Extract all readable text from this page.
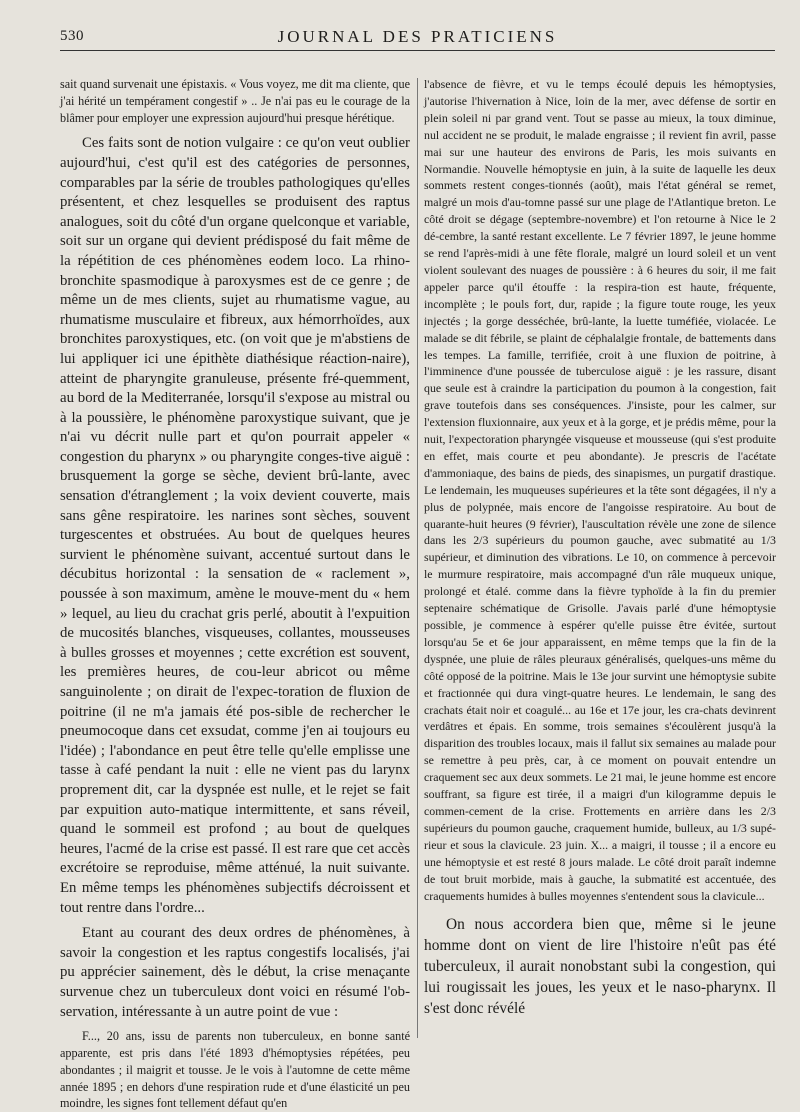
530	JOURNAL DES PRATICIENS

sait quand survenait une épistaxis. « Vous voyez, me dit ma cliente, que j'ai hérité un tempérament congestif » .. Je n'ai pas eu le courage de la blâmer pour employer une expression aujourd'hui presque hérétique.

Ces faits sont de notion vulgaire : ce qu'on veut oublier aujourd'hui, c'est qu'il est des catégories de personnes, comparables par la série de troubles pathologiques qu'elles présentent, et chez lesquelles se produisent des raptus analogues, soit du côté d'un organe quelconque et variable, soit sur un organe qui devient prédisposé du fait même de la répétition de ces phénomènes eodem loco. La rhino-bronchite spasmodique à paroxysmes est de ce genre ; de même un de mes clients, sujet au rhumatisme vague, au rhumatisme musculaire et fibreux, aux hémorrhoïdes, aux bronchites paroxystiques, etc. (on voit que je m'abstiens de lui appliquer ici une épithète diathésique réaction-naire), atteint de pharyngite granuleuse, présente fré-quemment, au bord de la Mediterranée, lorsqu'il s'expose au mistral ou à la poussière, le phénomène paroxystique suivant, que je n'ai vu décrit nulle part et qu'on pourrait appeler « congestion du pharynx » ou pharyngite conges-tive aiguë : brusquement la gorge se sèche, devient brû-lante, avec sensation d'étranglement ; la voix devient couverte, mais sans gêne respiratoire. les narines sont sèches, souvent turgescentes et obstruées. Au bout de quelques heures survient le phénomène suivant, accentué surtout dans le décubitus horizontal : la sensation de « raclement », poussée à son maximum, amène le mouve-ment du « hem » lequel, au lieu du crachat gris perlé, aboutit à l'expuition de mucosités blanches, visqueuses, collantes, mousseuses à bulles grosses et moyennes ; cette excrétion est souvent, les premières heures, de cou-leur abricot ou même sanguinolente ; on dirait de l'expec-toration de fluxion de poitrine (il ne m'a jamais été pos-sible de rechercher le pneumocoque dans cet exsudat, comme j'en ai toujours eu l'idée) ; l'abondance en peut être telle qu'elle emplisse une tasse à café pendant la nuit : elle ne vient pas du larynx proprement dit, car la dyspnée est nulle, et le rejet se fait par expuition auto-matique intermittente, et sans réveil, quand le sommeil est profond ; au bout de quelques heures, l'acmé de la crise est passé. Il est rare que cet accès excrétoire se reproduise, même atténué, la nuit suivante. En même temps les phénomènes subjectifs décroissent et tout rentre dans l'ordre...

Etant au courant des deux ordres de phénomènes, à savoir la congestion et les raptus congestifs localisés, j'ai pu apprécier sainement, dès le début, la crise menaçante survenue chez un tuberculeux dont voici en résumé l'ob-servation, intéressante à un autre point de vue :

F..., 20 ans, issu de parents non tuberculeux, en bonne santé apparente, est pris dans l'été 1893 d'hémoptysies répétées, peu abondantes ; il maigrit et tousse. Je le vois à l'automne de cette même année 1895 ; en dehors d'une respiration rude et d'une élasticité un peu moindre, les signes font tellement défaut qu'en

l'absence de fièvre, et vu le temps écoulé depuis les hémoptysies, j'autorise l'hivernation à Nice, loin de la mer, avec défense de sortir en plein soleil ni par grand vent. Tout se passe au mieux, la toux diminue, nul accident ne se produit, le malade engraisse ; il revient fin avril, passe mai sur une hauteur des environs de Paris, les mois suivants en Normandie. Nouvelle hémoptysie en juin, à la suite de laquelle les deux sommets restent conges-tionnés (août), mais l'état général se remet, malgré un mois d'au-tomne passé sur une plage de l'Atlantique breton. Le côté droit se dégage (septembre-novembre) et l'on retourne à Nice le 2 dé-cembre, la santé restant excellente. Le 7 février 1897, le jeune homme se rend l'après-midi à une fête florale, malgré un lourd soleil et un vent violent soulevant des nuages de poussière : à 6 heures du soir, il me fait appeler parce qu'il étouffe : la respira-tion est haute, fréquente, incomplète ; le pouls fort, dur, rapide ; la figure toute rouge, les yeux injectés ; la gorge desséchée, brû-lante, la luette tuméfiée, violacée. Le malade se dit fébrile, se plaint de céphalalgie frontale, de battements dans les tempes. La famille, terrifiée, croit à une fluxion de poitrine, à l'imminence d'une poussée de tuberculose aiguë : je les rassure, disant que seule est à craindre la participation du poumon à la congestion, fait grave toutefois dans ses conséquences. J'insiste, pour les calmer, sur l'extension fluxionnaire, aux yeux et à la gorge, et je prédis même, pour la nuit, l'expectoration pharyngée visqueuse et mousseuse (qui s'est produite en effet, mais courte et peu abondante). Je prescris de l'acétate d'ammoniaque, des bains de pieds, des sinapismes, un purgatif drastique. Le lendemain, les muqueuses supérieures et la tête sont dégagées, il n'y a plus de polypnée, mais encore de l'angoisse respiratoire. Au bout de quarante-huit heures (9 février), l'auscultation révèle une zone de silence dans les 2/3 supérieurs du poumon gauche, avec submatité au 1/3 supérieur, et diminution des vibrations. Le 10, on commence à percevoir le murmure respiratoire, mais accompagné d'un râle muqueux unique, prolongé et étalé. comme dans la fièvre typhoïde à la fin du premier septenaire schématique de Grisolle. J'avais parlé d'une hémoptysie possible, je commence à espérer qu'elle puisse être évitée, surtout lorsqu'au 5e et 6e jour apparaissent, en même temps que la fin de la dyspnée, une pluie de râles pleuraux généralisés, quelques-uns même du côté opposé de la poitrine. Mais le 13e jour survint une hémoptysie subite et fractionnée qui dura vingt-quatre heures. Le lendemain, le sang des crachats était noir et coagulé... au 16e et 17e jour, les cra-chats devinrent verdâtres et épais. En somme, trois semaines s'écoulèrent jusqu'à la disparition des troubles locaux, mais il fallut six semaines au malade pour se remettre à peu près, car, à ce moment on pouvait entendre un craquement sec aux deux sommets. Le 21 mai, le jeune homme est encore souffrant, sa figure est tirée, il a maigri d'un kilogramme depuis le commen-cement de la crise. Frottements en arrière dans les 2/3 supérieurs du poumon gauche, craquement humide, bulleux, au 1/3 supé-rieur et sous la clavicule. 23 juin. X... a maigri, il tousse ; il a encore eu une hémoptysie et est resté 8 jours malade. Le côté droit paraît indemne de tout bruit morbide, mais à gauche, la submatité est accentuée, des craquements humides à bulles moyennes s'entendent sous la clavicule...

On nous accordera bien que, même si le jeune homme dont on vient de lire l'histoire n'eût pas été tuberculeux, il aurait nonobstant subi la congestion, qui lui rougissait les joues, les yeux et le naso-pharynx. Il s'est donc révélé
